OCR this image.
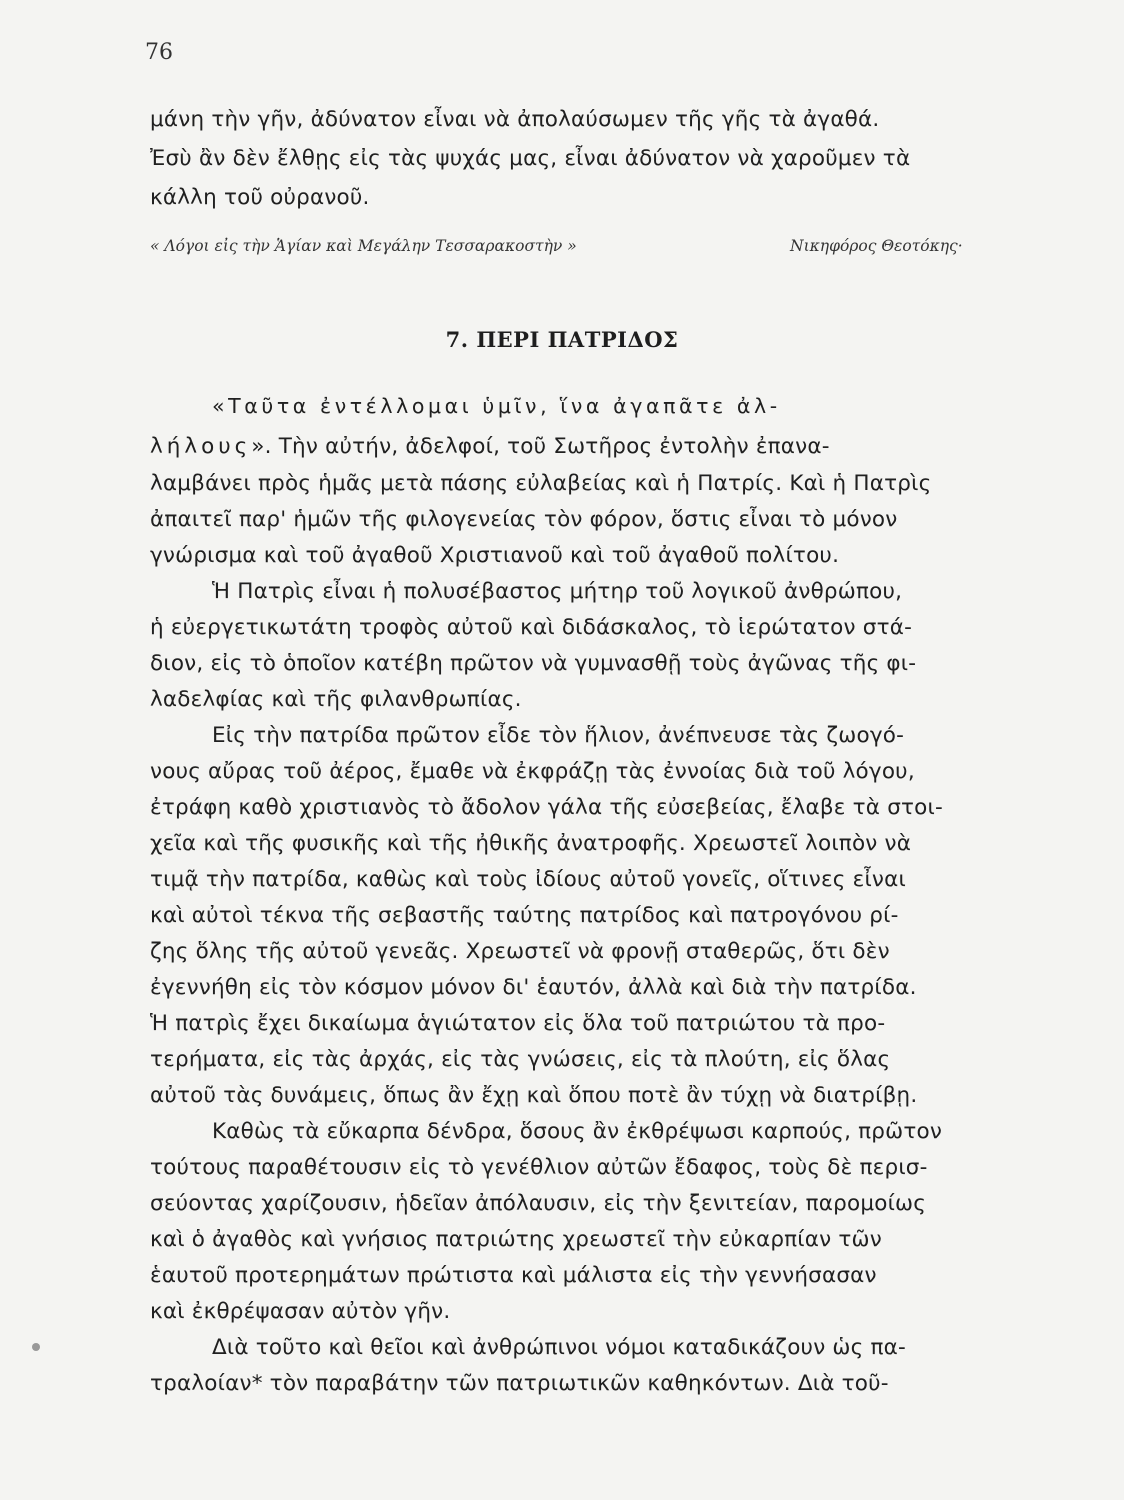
76
μάνη τὴν γῆν, ἀδύνατον εἶναι νὰ ἀπολαύσωμεν τῆς γῆς τὰ ἀγαθά.
Ἐσὺ ἂν δὲν ἔλθῃς εἰς τὰς ψυχάς μας, εἶναι ἀδύνατον νὰ χαροῦμεν τὰ
κάλλη τοῦ οὐρανοῦ.
« Λόγοι εἰς τὴν Ἁγίαν καὶ Μεγάλην Τεσσαρακοστὴν »	Νικηφόρος Θεοτόκης·
7. ΠΕΡΙ ΠΑΤΡΙΔΟΣ
«Ταῦτα ἐντέλλομαι ὑμῖν, ἵνα ἀγαπᾶτε ἀλ-
λήλους». Τὴν αὐτήν, ἀδελφοί, τοῦ Σωτῆρος ἐντολὴν ἐπανα-
λαμβάνει πρὸς ἡμᾶς μετὰ πάσης εὐλαβείας καὶ ἡ Πατρίς. Καὶ ἡ Πατρὶς
ἀπαιτεῖ παρ' ἡμῶν τῆς φιλογενείας τὸν φόρον, ὅστις εἶναι τὸ μόνον
γνώρισμα καὶ τοῦ ἀγαθοῦ Χριστιανοῦ καὶ τοῦ ἀγαθοῦ πολίτου.
Ἡ Πατρὶς εἶναι ἡ πολυσέβαστος μήτηρ τοῦ λογικοῦ ἀνθρώπου,
ἡ εὐεργετικωτάτη τροφὸς αὐτοῦ καὶ διδάσκαλος, τὸ ἱερώτατον στά-
διον, εἰς τὸ ὁποῖον κατέβη πρῶτον νὰ γυμνασθῇ τοὺς ἀγῶνας τῆς φι-
λαδελφίας καὶ τῆς φιλανθρωπίας.
Εἰς τὴν πατρίδα πρῶτον εἶδε τὸν ἥλιον, ἀνέπνευσε τὰς ζωογό-
νους αὔρας τοῦ ἀέρος, ἔμαθε νὰ ἐκφράζῃ τὰς ἐννοίας διὰ τοῦ λόγου,
ἐτράφη καθὸ χριστιανὸς τὸ ἄδολον γάλα τῆς εὐσεβείας, ἔλαβε τὰ στοι-
χεῖα καὶ τῆς φυσικῆς καὶ τῆς ἠθικῆς ἀνατροφῆς. Χρεωστεῖ λοιπὸν νὰ
τιμᾷ τὴν πατρίδα, καθὼς καὶ τοὺς ἰδίους αὐτοῦ γονεῖς, οἵτινες εἶναι
καὶ αὐτοὶ τέκνα τῆς σεβαστῆς ταύτης πατρίδος καὶ πατρογόνου ρί-
ζης ὅλης τῆς αὐτοῦ γενεᾶς. Χρεωστεῖ νὰ φρονῇ σταθερῶς, ὅτι δὲν
ἐγεννήθη εἰς τὸν κόσμον μόνον δι' ἑαυτόν, ἀλλὰ καὶ διὰ τὴν πατρίδα.
Ἡ πατρὶς ἔχει δικαίωμα ἁγιώτατον εἰς ὅλα τοῦ πατριώτου τὰ προ-
τερήματα, εἰς τὰς ἀρχάς, εἰς τὰς γνώσεις, εἰς τὰ πλούτη, εἰς ὅλας
αὐτοῦ τὰς δυνάμεις, ὅπως ἂν ἔχῃ καὶ ὅπου ποτὲ ἂν τύχῃ νὰ διατρίβῃ.
Καθὼς τὰ εὔκαρπα δένδρα, ὅσους ἂν ἐκθρέψωσι καρπούς, πρῶτον
τούτους παραθέτουσιν εἰς τὸ γενέθλιον αὐτῶν ἔδαφος, τοὺς δὲ περισ-
σεύοντας χαρίζουσιν, ἡδεῖαν ἀπόλαυσιν, εἰς τὴν ξενιτείαν, παρομοίως
καὶ ὁ ἀγαθὸς καὶ γνήσιος πατριώτης χρεωστεῖ τὴν εὐκαρπίαν τῶν
ἑαυτοῦ προτερημάτων πρώτιστα καὶ μάλιστα εἰς τὴν γεννήσασαν
καὶ ἐκθρέψασαν αὐτὸν γῆν.
Διὰ τοῦτο καὶ θεῖοι καὶ ἀνθρώπινοι νόμοι καταδικάζουν ὡς πα-
τραλοίαν* τὸν παραβάτην τῶν πατριωτικῶν καθηκόντων. Διὰ τοῦ-
